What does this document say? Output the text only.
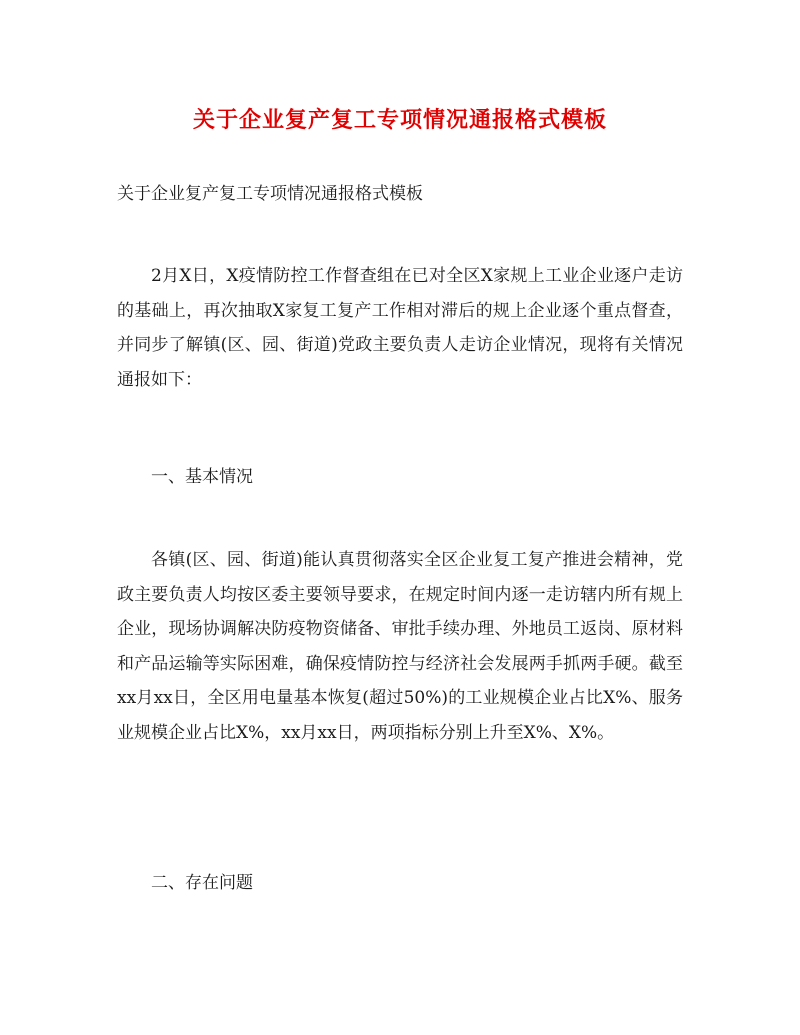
关于企业复产复工专项情况通报格式模板
关于企业复产复工专项情况通报格式模板

2月X日，X疫情防控工作督查组在已对全区X家规上工业企业逐户走访的基础上，再次抽取X家复工复产工作相对滞后的规上企业逐个重点督查，并同步了解镇(区、园、街道)党政主要负责人走访企业情况，现将有关情况通报如下：

一、基本情况

各镇(区、园、街道)能认真贯彻落实全区企业复工复产推进会精神，党政主要负责人均按区委主要领导要求，在规定时间内逐一走访辖内所有规上企业，现场协调解决防疫物资储备、审批手续办理、外地员工返岗、原材料和产品运输等实际困难，确保疫情防控与经济社会发展两手抓两手硬。截至xx月xx日，全区用电量基本恢复(超过50%)的工业规模企业占比X%、服务业规模企业占比X%，xx月xx日，两项指标分别上升至X%、X%。

二、存在问题
